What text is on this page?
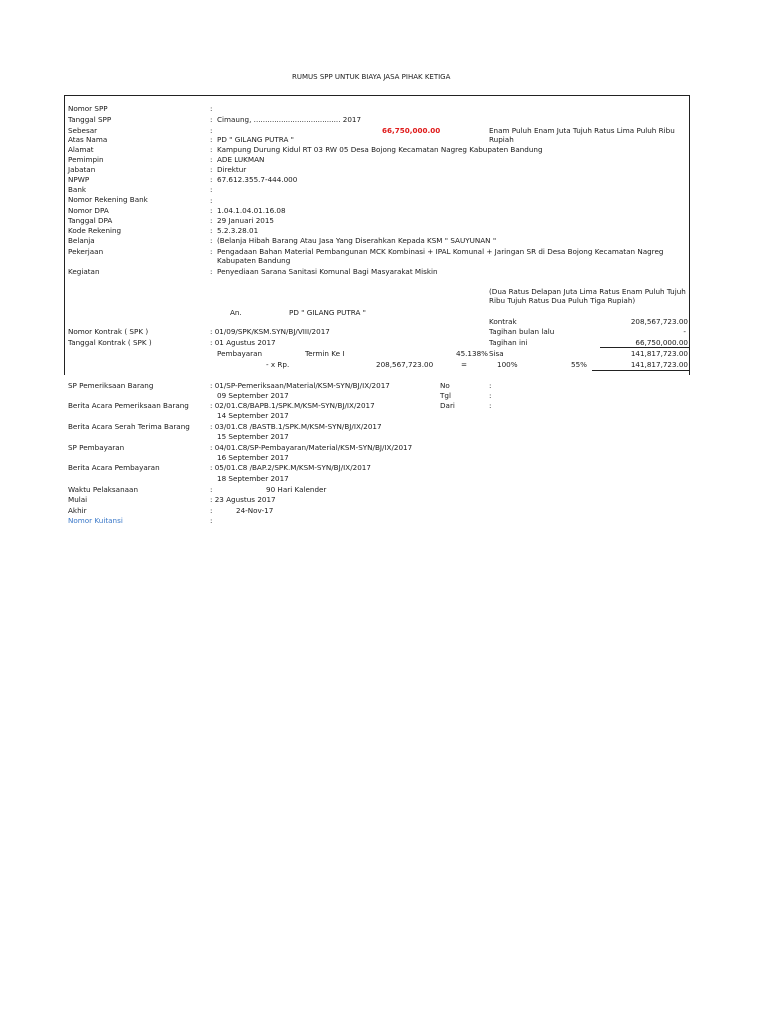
RUMUS SPP UNTUK BIAYA JASA PIHAK KETIGA
Nomor SPP	:
Tanggal SPP	: Cimaung, ...................................... 2017
Sebesar	:	66,750,000.00	Enam Puluh Enam Juta Tujuh Ratus Lima Puluh Ribu Rupiah
Atas Nama	: PD " GILANG PUTRA "
Alamat	: Kampung Durung Kidul RT 03 RW 05 Desa Bojong Kecamatan Nagreg Kabupaten Bandung
Pemimpin	: ADE LUKMAN
Jabatan	: Direktur
NPWP	: 67.612.355.7-444.000
Bank	:
Nomor Rekening Bank	:
Nomor DPA	: 1.04.1.04.01.16.08
Tanggal DPA	: 29 Januari 2015
Kode Rekening	: 5.2.3.28.01
Belanja	: (Belanja Hibah Barang Atau Jasa Yang Diserahkan Kepada KSM " SAUYUNAN "
Pekerjaan	: Pengadaan Bahan Material Pembangunan MCK Kombinasi + IPAL Komunal + Jaringan SR di Desa Bojong Kecamatan Nagreg Kabupaten Bandung
Kegiatan	: Penyediaan Sarana Sanitasi Komunal Bagi Masyarakat Miskin
(Dua Ratus Delapan Juta Lima Ratus Enam Puluh Tujuh Ribu Tujuh Ratus Dua Puluh Tiga Rupiah)
An.	PD " GILANG PUTRA "
Kontrak	208,567,723.00
Nomor Kontrak ( SPK )	: 01/09/SPK/KSM.SYN/BJ/VIII/2017	Tagihan bulan lalu	-
Tanggal Kontrak ( SPK )	: 01 Agustus 2017	Tagihan ini	66,750,000.00
Pembayaran	Termin Ke I	45.138% Sisa	141,817,723.00
- x Rp.	208,567,723.00	=	100%	55%	141,817,723.00
SP Pemeriksaan Barang	: 01/SP-Pemeriksaan/Material/KSM-SYN/BJ/IX/2017	No	:
09 September 2017	Tgl	:
Berita Acara Pemeriksaan Barang	: 02/01.C8/BAPB.1/SPK.M/KSM-SYN/BJ/IX/2017	Dari	:
14 September 2017
Berita Acara Serah Terima Barang	: 03/01.C8 /BASTB.1/SPK.M/KSM-SYN/BJ/IX/2017
15 September 2017
SP Pembayaran	: 04/01.C8/SP-Pembayaran/Material/KSM-SYN/BJ/IX/2017
16 September 2017
Berita Acara Pembayaran	: 05/01.C8 /BAP.2/SPK.M/KSM-SYN/BJ/IX/2017
18 September 2017
Waktu Pelaksanaan	:	90 Hari Kalender
Mulai	: 23 Agustus 2017
Akhir	:	24-Nov-17
Nomor Kuitansi	:
